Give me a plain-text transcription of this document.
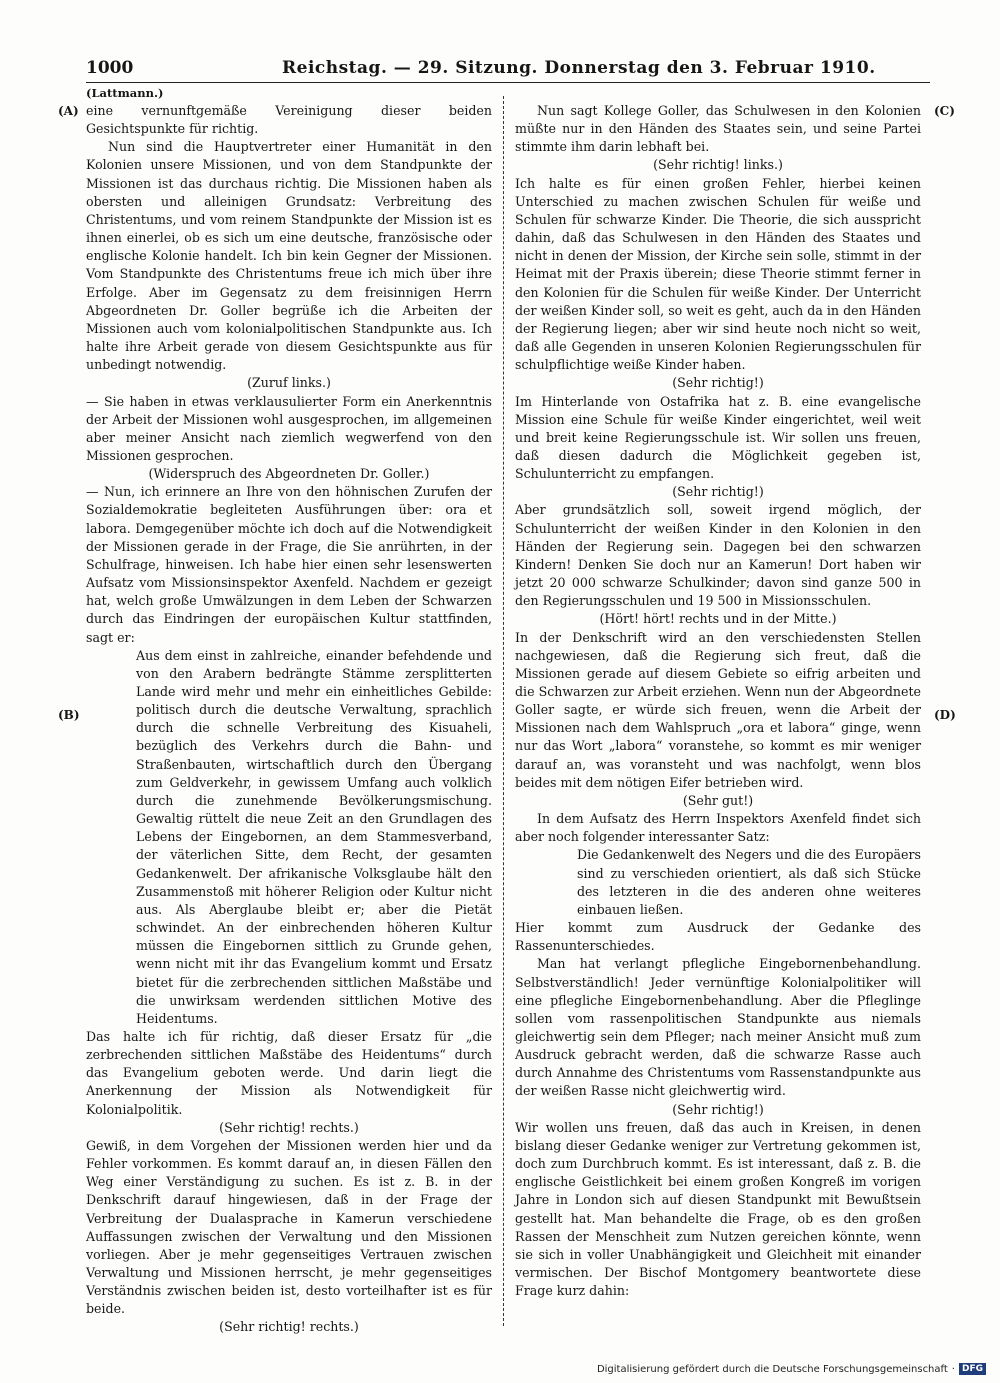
1000	Reichstag. — 29. Sitzung. Donnerstag den 3. Februar 1910.
(Lattmann.)
(A)
(B)
(C)
(D)

eine vernunftgemäße Vereinigung dieser beiden Gesichtspunkte für richtig.

Nun sind die Hauptvertreter einer Humanität in den Kolonien unsere Missionen, und von dem Standpunkte der Missionen ist das durchaus richtig. Die Missionen haben als obersten und alleinigen Grundsatz: Verbreitung des Christentums, und vom reinem Standpunkte der Mission ist es ihnen einerlei, ob es sich um eine deutsche, französische oder englische Kolonie handelt. Ich bin kein Gegner der Missionen. Vom Standpunkte des Christentums freue ich mich über ihre Erfolge. Aber im Gegensatz zu dem freisinnigen Herrn Abgeordneten Dr. Goller begrüße ich die Arbeiten der Missionen auch vom kolonialpolitischen Standpunkte aus. Ich halte ihre Arbeit gerade von diesem Gesichtspunkte aus für unbedingt notwendig.

(Zuruf links.)

— Sie haben in etwas verklausulierter Form ein Anerkenntnis der Arbeit der Missionen wohl ausgesprochen, im allgemeinen aber meiner Ansicht nach ziemlich wegwerfend von den Missionen gesprochen.

(Widerspruch des Abgeordneten Dr. Goller.)

— Nun, ich erinnere an Ihre von den höhnischen Zurufen der Sozialdemokratie begleiteten Ausführungen über: ora et labora. Demgegenüber möchte ich doch auf die Notwendigkeit der Missionen gerade in der Frage, die Sie anrührten, in der Schulfrage, hinweisen. Ich habe hier einen sehr lesenswerten Aufsatz vom Missionsinspektor Axenfeld. Nachdem er gezeigt hat, welch große Umwälzungen in dem Leben der Schwarzen durch das Eindringen der europäischen Kultur stattfinden, sagt er:

Aus dem einst in zahlreiche, einander befehdende und von den Arabern bedrängte Stämme zersplitterten Lande wird mehr und mehr ein einheitliches Gebilde: politisch durch die deutsche Verwaltung, sprachlich durch die schnelle Verbreitung des Kisuaheli, bezüglich des Verkehrs durch die Bahn- und Straßenbauten, wirtschaftlich durch den Übergang zum Geldverkehr, in gewissem Umfang auch volklich durch die zunehmende Bevölkerungsmischung. Gewaltig rüttelt die neue Zeit an den Grundlagen des Lebens der Eingebornen, an dem Stammesverband, der väterlichen Sitte, dem Recht, der gesamten Gedankenwelt. Der afrikanische Volksglaube hält den Zusammenstoß mit höherer Religion oder Kultur nicht aus. Als Aberglaube bleibt er; aber die Pietät schwindet. An der einbrechenden höheren Kultur müssen die Eingebornen sittlich zu Grunde gehen, wenn nicht mit ihr das Evangelium kommt und Ersatz bietet für die zerbrechenden sittlichen Maßstäbe und die unwirksam werdenden sittlichen Motive des Heidentums.

Das halte ich für richtig, daß dieser Ersatz für „die zerbrechenden sittlichen Maßstäbe des Heidentums“ durch das Evangelium geboten werde. Und darin liegt die Anerkennung der Mission als Notwendigkeit für Kolonialpolitik.

(Sehr richtig! rechts.)

Gewiß, in dem Vorgehen der Missionen werden hier und da Fehler vorkommen. Es kommt darauf an, in diesen Fällen den Weg einer Verständigung zu suchen. Es ist z. B. in der Denkschrift darauf hingewiesen, daß in der Frage der Verbreitung der Dualasprache in Kamerun verschiedene Auffassungen zwischen der Verwaltung und den Missionen vorliegen. Aber je mehr gegenseitiges Vertrauen zwischen Verwaltung und Missionen herrscht, je mehr gegenseitiges Verständnis zwischen beiden ist, desto vorteilhafter ist es für beide.

(Sehr richtig! rechts.)

Nun sagt Kollege Goller, das Schulwesen in den Kolonien müßte nur in den Händen des Staates sein, und seine Partei stimmte ihm darin lebhaft bei.

(Sehr richtig! links.)

Ich halte es für einen großen Fehler, hierbei keinen Unterschied zu machen zwischen Schulen für weiße und Schulen für schwarze Kinder. Die Theorie, die sich ausspricht dahin, daß das Schulwesen in den Händen des Staates und nicht in denen der Mission, der Kirche sein solle, stimmt in der Heimat mit der Praxis überein; diese Theorie stimmt ferner in den Kolonien für die Schulen für weiße Kinder. Der Unterricht der weißen Kinder soll, so weit es geht, auch da in den Händen der Regierung liegen; aber wir sind heute noch nicht so weit, daß alle Gegenden in unseren Kolonien Regierungsschulen für schulpflichtige weiße Kinder haben.

(Sehr richtig!)

Im Hinterlande von Ostafrika hat z. B. eine evangelische Mission eine Schule für weiße Kinder eingerichtet, weil weit und breit keine Regierungsschule ist. Wir sollen uns freuen, daß diesen dadurch die Möglichkeit gegeben ist, Schulunterricht zu empfangen.

(Sehr richtig!)

Aber grundsätzlich soll, soweit irgend möglich, der Schulunterricht der weißen Kinder in den Kolonien in den Händen der Regierung sein. Dagegen bei den schwarzen Kindern! Denken Sie doch nur an Kamerun! Dort haben wir jetzt 20 000 schwarze Schulkinder; davon sind ganze 500 in den Regierungsschulen und 19 500 in Missionsschulen.

(Hört! hört! rechts und in der Mitte.)

In der Denkschrift wird an den verschiedensten Stellen nachgewiesen, daß die Regierung sich freut, daß die Missionen gerade auf diesem Gebiete so eifrig arbeiten und die Schwarzen zur Arbeit erziehen. Wenn nun der Abgeordnete Goller sagte, er würde sich freuen, wenn die Arbeit der Missionen nach dem Wahlspruch „ora et labora“ ginge, wenn nur das Wort „labora“ voranstehe, so kommt es mir weniger darauf an, was voransteht und was nachfolgt, wenn blos beides mit dem nötigen Eifer betrieben wird.

(Sehr gut!)

In dem Aufsatz des Herrn Inspektors Axenfeld findet sich aber noch folgender interessanter Satz:

Die Gedankenwelt des Negers und die des Europäers sind zu verschieden orientiert, als daß sich Stücke des letzteren in die des anderen ohne weiteres einbauen ließen.

Hier kommt zum Ausdruck der Gedanke des Rassenunterschiedes.

Man hat verlangt pflegliche Eingebornenbehandlung. Selbstverständlich! Jeder vernünftige Kolonialpolitiker will eine pflegliche Eingebornenbehandlung. Aber die Pfleglinge sollen vom rassenpolitischen Standpunkte aus niemals gleichwertig sein dem Pfleger; nach meiner Ansicht muß zum Ausdruck gebracht werden, daß die schwarze Rasse auch durch Annahme des Christentums vom Rassenstandpunkte aus der weißen Rasse nicht gleichwertig wird.

(Sehr richtig!)

Wir wollen uns freuen, daß das auch in Kreisen, in denen bislang dieser Gedanke weniger zur Vertretung gekommen ist, doch zum Durchbruch kommt. Es ist interessant, daß z. B. die englische Geistlichkeit bei einem großen Kongreß im vorigen Jahre in London sich auf diesen Standpunkt mit Bewußtsein gestellt hat. Man behandelte die Frage, ob es den großen Rassen der Menschheit zum Nutzen gereichen könnte, wenn sie sich in voller Unabhängigkeit und Gleichheit mit einander vermischen. Der Bischof Montgomery beantwortete diese Frage kurz dahin:

Digitalisierung gefördert durch die Deutsche Forschungsgemeinschaft · DFG
